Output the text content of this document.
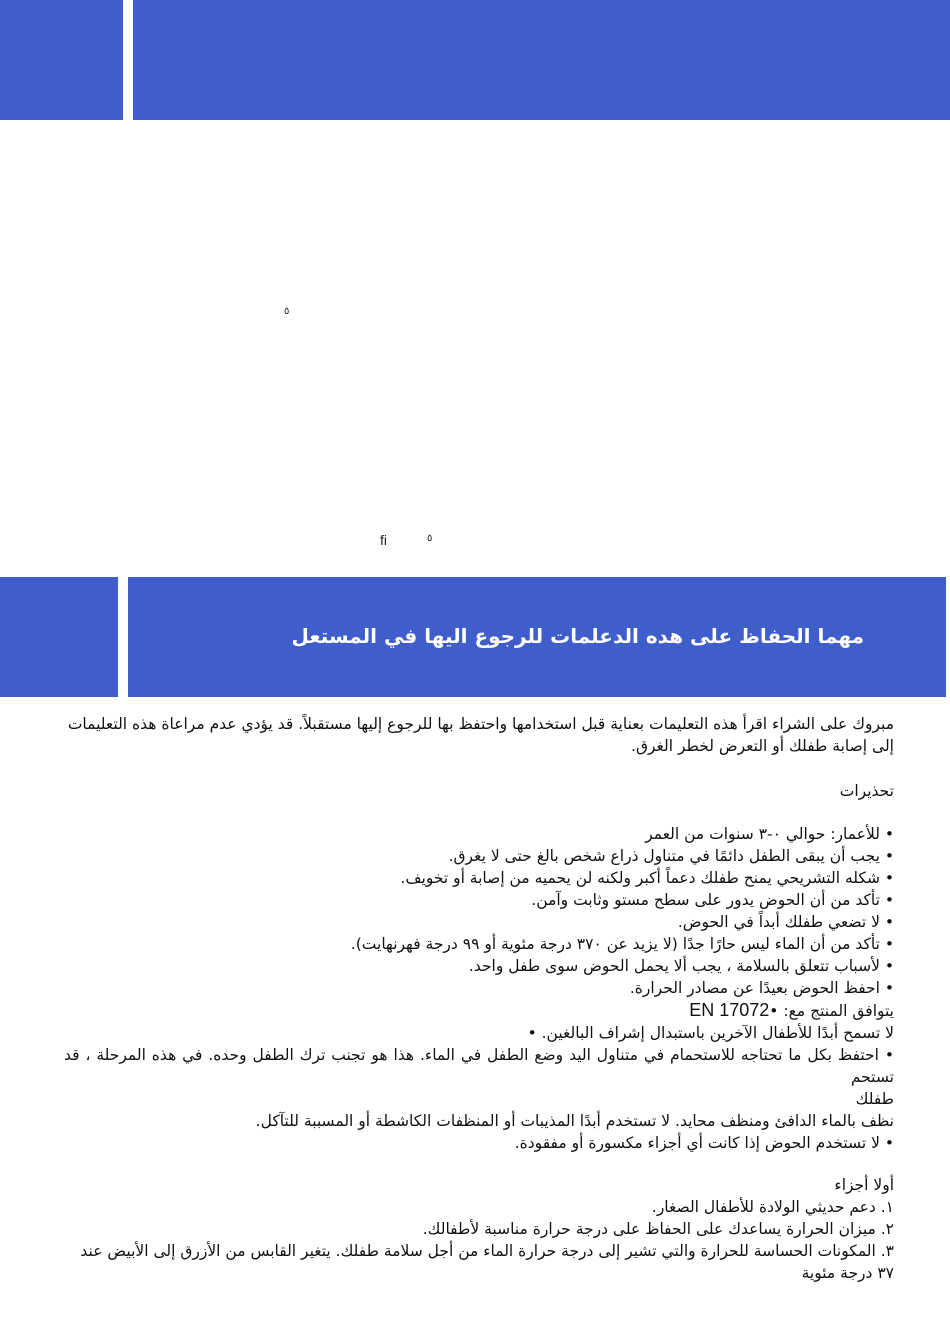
٥
fi	٥
مهما الحفاظ على هده الدعلمات للرجوع اليها في المستعل

مبروك على الشراء اقرأ هذه التعليمات بعناية قبل استخدامها واحتفظ بها للرجوع إليها مستقبلاً. قد يؤدي عدم مراعاة هذه التعليمات

إلى إصابة طفلك أو التعرض لخطر الغرق.

تحذيرات

• للأعمار: حوالي ٠-٣ سنوات من العمر

• يجب أن يبقى الطفل دائمًا في متناول ذراع شخص بالغ حتى لا يغرق.

• شكله التشريحي يمنح طفلك دعماً أكبر ولكنه لن يحميه من إصابة أو تخويف.

• تأكد من أن الحوض يدور على سطح مستو وثابت وآمن.

• لا تضعي طفلك أبداً في الحوض.

• تأكد من أن الماء ليس حارًا جدًا (لا يزيد عن ٣٧٠ درجة مئوية أو ٩٩ درجة فهرنهايت).

• لأسباب تتعلق بالسلامة ، يجب ألا يحمل الحوض سوى طفل واحد.

• احفظ الحوض بعيدًا عن مصادر الحرارة.

يتوافق المنتج مع: •EN 17072

لا تسمح أبدًا للأطفال الآخرين باستبدال إشراف البالغين. •

• احتفظ بكل ما تحتاجه للاستحمام في متناول اليد وضع الطفل في الماء. هذا هو تجنب ترك الطفل وحده. في هذه المرحلة ، قد تستحم

طفلك

نظف بالماء الدافئ ومنظف محايد. لا تستخدم أبدًا المذيبات أو المنظفات الكاشطة أو المسببة للتآكل.

• لا تستخدم الحوض إذا كانت أي أجزاء مكسورة أو مفقودة.

أولا أجزاء

١. دعم حديثي الولادة للأطفال الصغار.

٢. ميزان الحرارة يساعدك على الحفاظ على درجة حرارة مناسبة لأطفالك.

٣. المكونات الحساسة للحرارة والتي تشير إلى درجة حرارة الماء من أجل سلامة طفلك. يتغير القابس من الأزرق إلى الأبيض عند

٣٧ درجة مئوية
